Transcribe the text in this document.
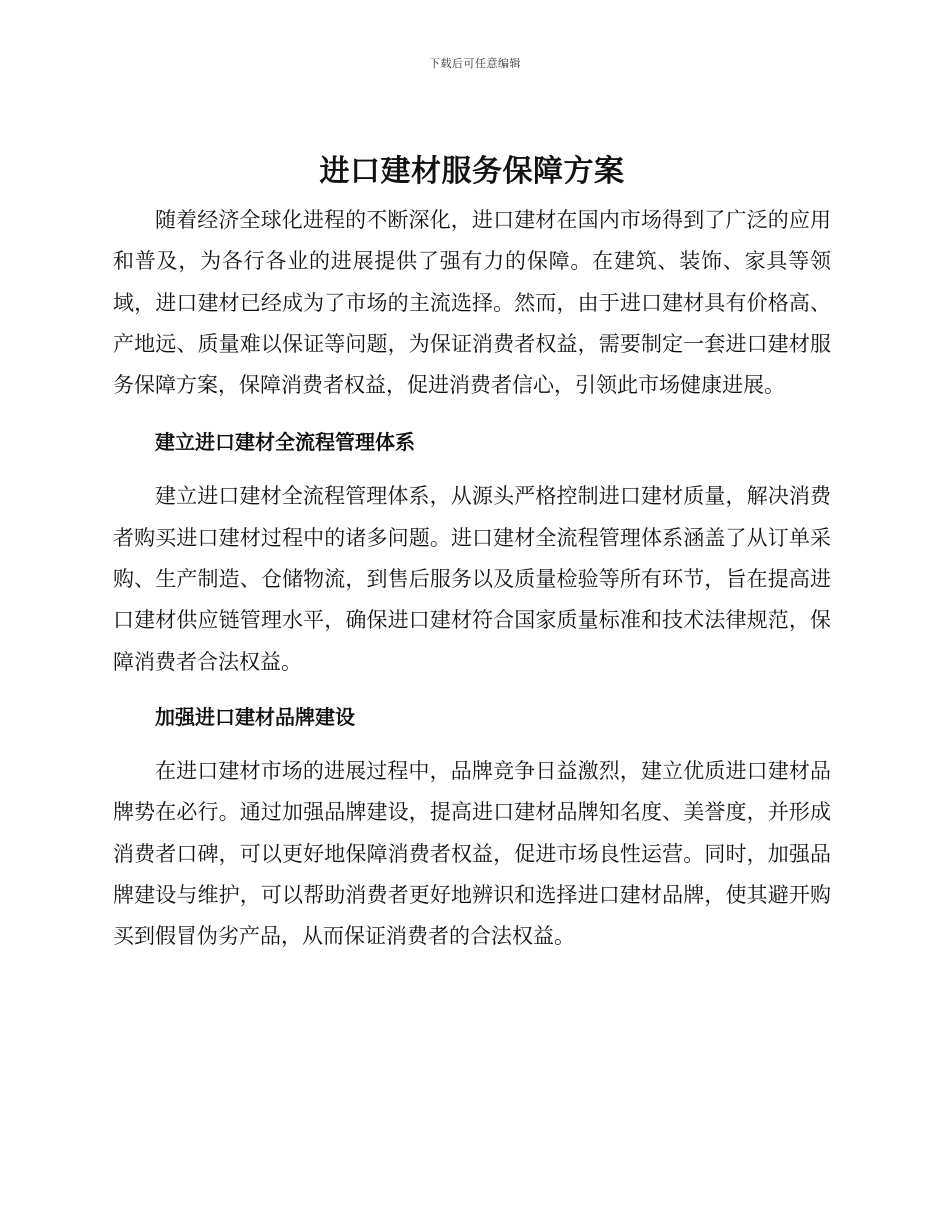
下载后可任意编辑
进口建材服务保障方案

随着经济全球化进程的不断深化，进口建材在国内市场得到了广泛的应用和普及，为各行各业的进展提供了强有力的保障。在建筑、装饰、家具等领域，进口建材已经成为了市场的主流选择。然而，由于进口建材具有价格高、产地远、质量难以保证等问题，为保证消费者权益，需要制定一套进口建材服务保障方案，保障消费者权益，促进消费者信心，引领此市场健康进展。

建立进口建材全流程管理体系

建立进口建材全流程管理体系，从源头严格控制进口建材质量，解决消费者购买进口建材过程中的诸多问题。进口建材全流程管理体系涵盖了从订单采购、生产制造、仓储物流，到售后服务以及质量检验等所有环节，旨在提高进口建材供应链管理水平，确保进口建材符合国家质量标准和技术法律规范，保障消费者合法权益。

加强进口建材品牌建设

在进口建材市场的进展过程中，品牌竞争日益激烈，建立优质进口建材品牌势在必行。通过加强品牌建设，提高进口建材品牌知名度、美誉度，并形成消费者口碑，可以更好地保障消费者权益，促进市场良性运营。同时，加强品牌建设与维护，可以帮助消费者更好地辨识和选择进口建材品牌，使其避开购买到假冒伪劣产品，从而保证消费者的合法权益。
